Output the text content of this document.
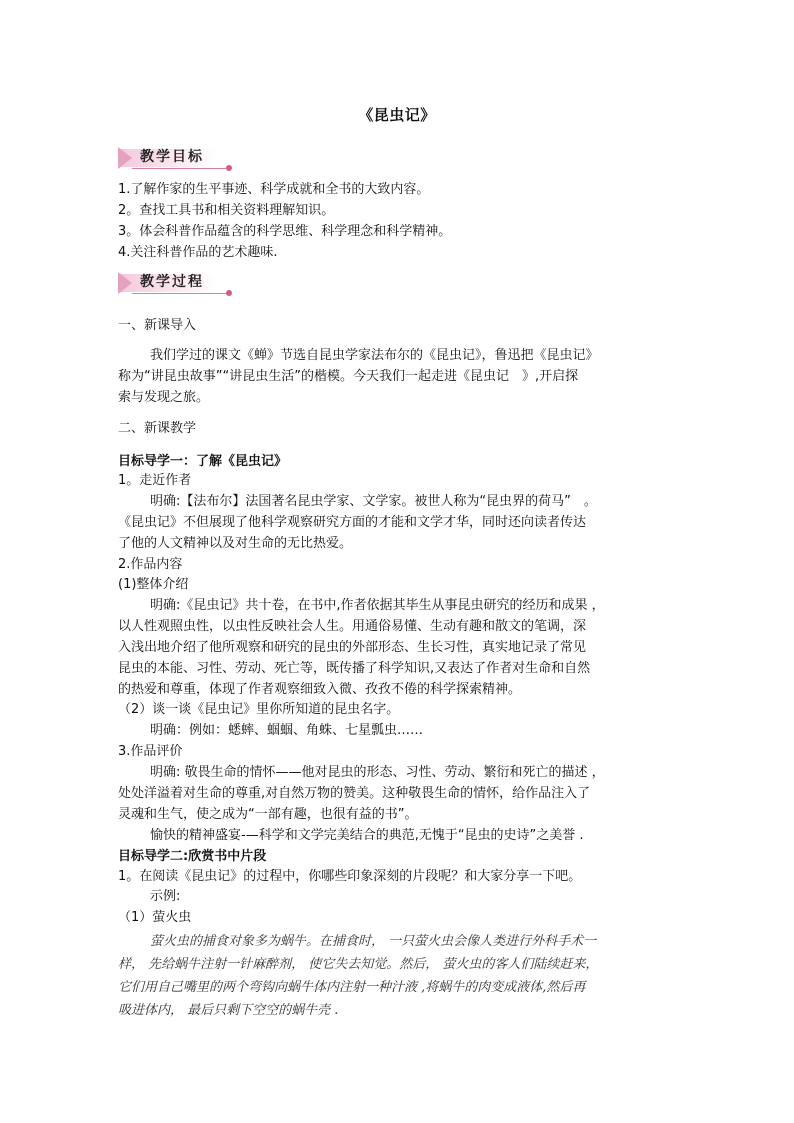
《昆虫记》
教学目标
1.了解作家的生平事迹、科学成就和全书的大致内容。
2。查找工具书和相关资料理解知识。
3。体会科普作品蕴含的科学思维、科学理念和科学精神。
4.关注科普作品的艺术趣味.
教学过程
一、新课导入
我们学过的课文《蝉》节选自昆虫学家法布尔的《昆虫记》，鲁迅把《昆虫记》
称为“讲昆虫故事”“讲昆虫生活”的楷模。今天我们一起走进《昆虫记　》,开启探
索与发现之旅。
二、新课教学
目标导学一：了解《昆虫记》
1。走近作者
明确:【法布尔】法国著名昆虫学家、文学家。被世人称为“昆虫界的荷马”　。
《昆虫记》不但展现了他科学观察研究方面的才能和文学才华，同时还向读者传达
了他的人文精神以及对生命的无比热爱。
2.作品内容
(1)整体介绍
明确:《昆虫记》共十卷，在书中,作者依据其毕生从事昆虫研究的经历和成果 ，
以人性观照虫性，以虫性反映社会人生。用通俗易懂、生动有趣和散文的笔调，深
入浅出地介绍了他所观察和研究的昆虫的外部形态、生长习性，真实地记录了常见
昆虫的本能、习性、劳动、死亡等，既传播了科学知识,又表达了作者对生命和自然
的热爱和尊重，体现了作者观察细致入微、孜孜不倦的科学探索精神。
（2）谈一谈《昆虫记》里你所知道的昆虫名字。
明确：例如：蟋蟀、蝈蝈、角蛛、七星瓢虫……
3.作品评价
明确: 敬畏生命的情怀——他对昆虫的形态、习性、劳动、繁衍和死亡的描述 ，
处处洋溢着对生命的尊重,对自然万物的赞美。这种敬畏生命的情怀，给作品注入了
灵魂和生气，使之成为“一部有趣，也很有益的书”。
愉快的精神盛宴-—科学和文学完美结合的典范,无愧于“昆虫的史诗”之美誉 .
目标导学二:欣赏书中片段
1。在阅读《昆虫记》的过程中，你哪些印象深刻的片段呢？和大家分享一下吧。
示例:
（1）萤火虫
萤火虫的捕食对象多为蜗牛。在捕食时， 一只萤火虫会像人类进行外科手术一
样， 先给蜗牛注射一针麻醉剂， 使它失去知觉。然后， 萤火虫的客人们陆续赶来，
它们用自己嘴里的两个弯钩向蜗牛体内注射一种汁液 ,将蜗牛的肉变成液体,然后再
吸进体内， 最后只剩下空空的蜗牛壳 .
